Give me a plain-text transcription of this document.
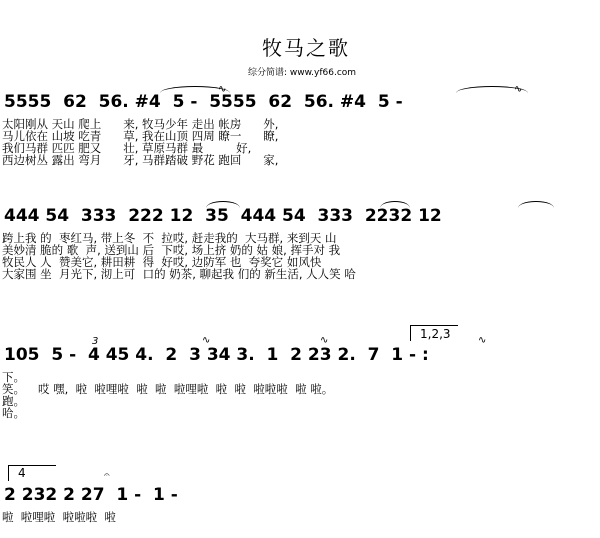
牧马之歌
综分简谱: www.yf66.com
5555  62  56. #4  5 -  5555  62  56. #4  5 -
∿	∿
太阳刚从 天山 爬上      来, 牧马少年 走出 帐房      外,
马儿依在 山坡 吃青      草, 我在山顶 四周 瞭一      瞭,
我们马群 匹匹 肥又      壮, 草原马群 最         好,
西边树丛 露出 弯月      牙, 马群踏破 野花 跑回      家,
444 54  333  222 12  35  444 54  333  2232 12
跨上我 的  枣红马, 带上冬  不  拉哎, 赶走我的  大马群, 来到天 山
美妙清 脆的 歌  声, 送到山 后  下哎, 场上挤 奶的 姑 娘, 挥手对 我
牧民人 人  赞美它, 耕田耕  得  好哎, 边防军 也  夸奖它 如风快
大家围 坐  月光下, 沏上可  口的 奶茶, 聊起我 们的 新生活, 人人笑 哈
1,2,3
3	∿	∿	∿
105  5 -  4 45 4.  2  3 34 3.  1  2 23 2.  7  1 - :
下。
笑。
跑。
哈。
哎 嘿,  啦  啦哩啦  啦  啦  啦哩啦  啦  啦  啦啦啦  啦 啦。
4	𝄐
2 232 2 27  1 -  1 -
啦  啦哩啦  啦啦啦  啦
